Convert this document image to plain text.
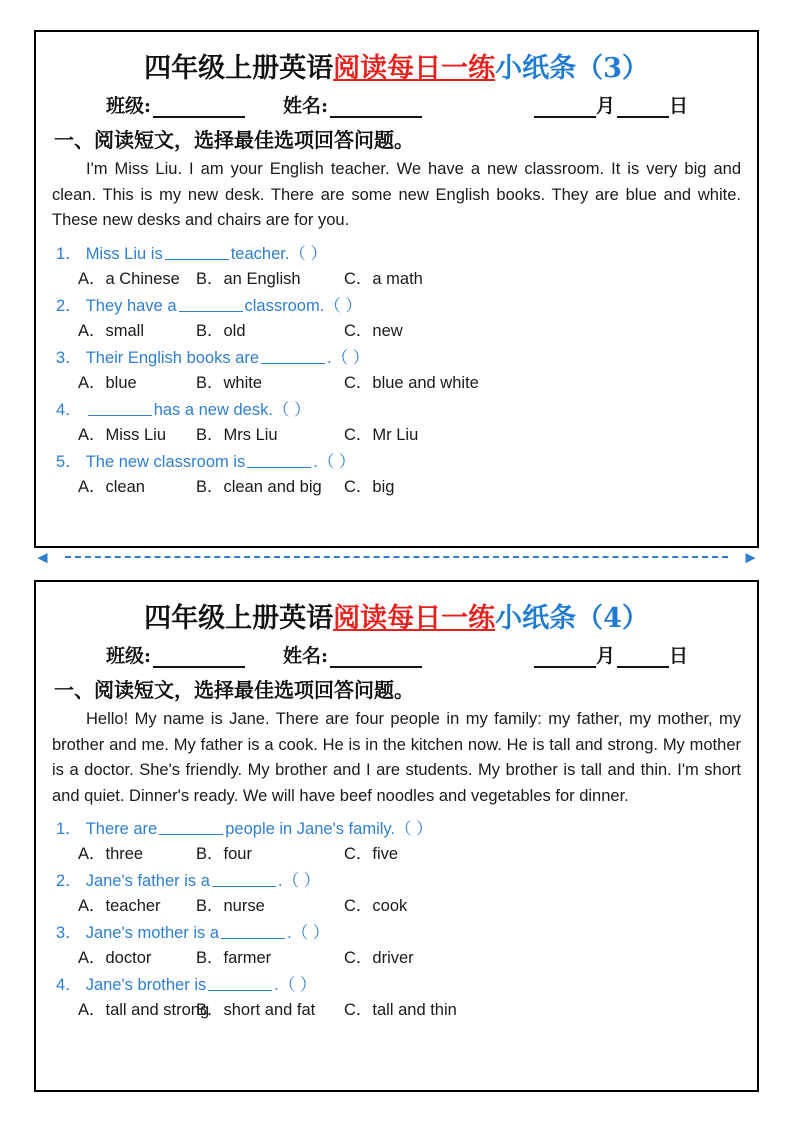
四年级上册英语阅读每日一练小纸条（3）
班级:	姓名:	月	日
一、阅读短文，选择最佳选项回答问题。
I'm Miss Liu. I am your English teacher. We have a new classroom. It is very big and clean. This is my new desk. There are some new English books. They are blue and white. These new desks and chairs are for you.
1． Miss Liu is	teacher.（ ）
A．a Chinese B．an English	C．a math
2． They have a	classroom.（ ）
A．small	B．old	C．new
3． Their English books are	.（ ）
A．blue	B．white	C．blue and white
4．	has a new desk.（ ）
A．Miss Liu	B．Mrs Liu	C．Mr Liu
5． The new classroom is	.（ ）
A．clean	B．clean and big	C．big
◄	►
四年级上册英语阅读每日一练小纸条（4）
班级:	姓名:	月	日
一、阅读短文，选择最佳选项回答问题。
Hello! My name is Jane. There are four people in my family: my father, my mother, my brother and me. My father is a cook. He is in the kitchen now. He is tall and strong. My mother is a doctor. She's friendly. My brother and I are students. My brother is tall and thin. I'm short and quiet. Dinner's ready. We will have beef noodles and vegetables for dinner.
1． There are	people in Jane's family.（ ）
A．three	B．four	C．five
2． Jane's father is a	.（ ）
A．teacher	B．nurse	C．cook
3． Jane's mother is a	.（ ）
A．doctor	B．farmer	C．driver
4． Jane's brother is	.（ ）
A．tall and strong
B．short and fat	C．tall and thin
